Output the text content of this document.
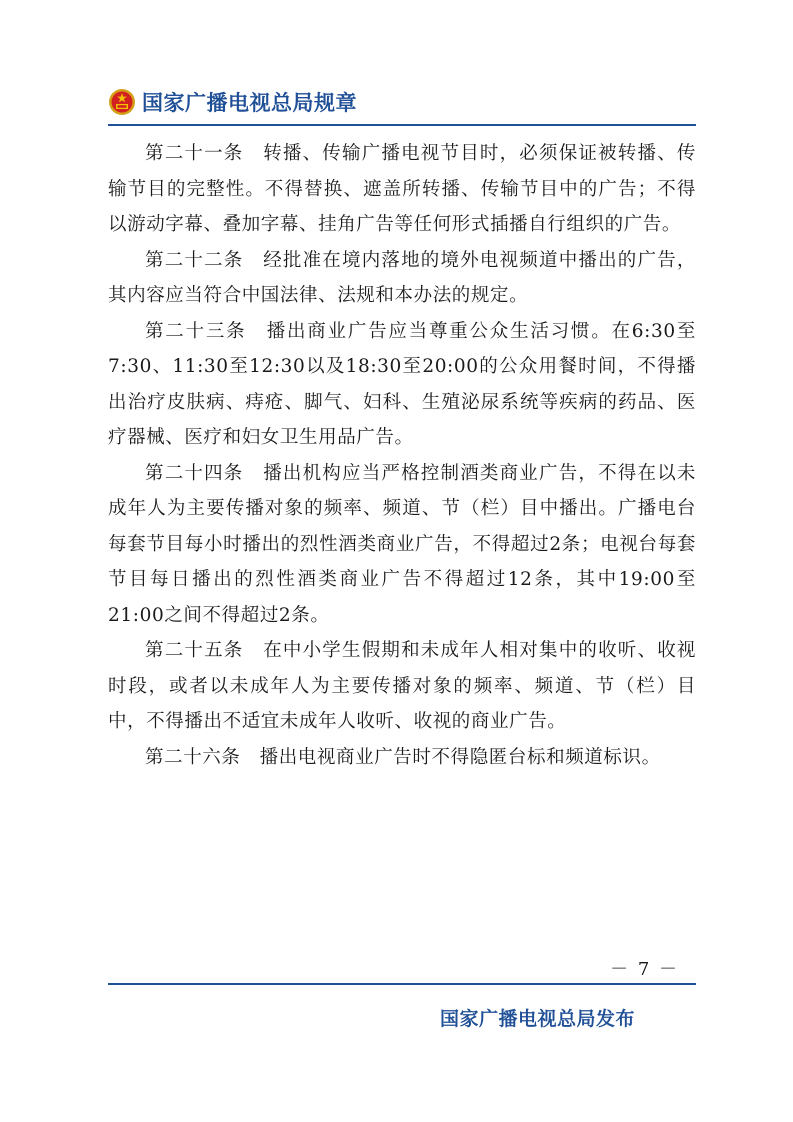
国家广播电视总局规章

第二十一条　转播、传输广播电视节目时，必须保证被转播、传输节目的完整性。不得替换、遮盖所转播、传输节目中的广告；不得以游动字幕、叠加字幕、挂角广告等任何形式插播自行组织的广告。

第二十二条　经批准在境内落地的境外电视频道中播出的广告，其内容应当符合中国法律、法规和本办法的规定。

第二十三条　播出商业广告应当尊重公众生活习惯。在6:30至7:30、11:30至12:30以及18:30至20:00的公众用餐时间，不得播出治疗皮肤病、痔疮、脚气、妇科、生殖泌尿系统等疾病的药品、医疗器械、医疗和妇女卫生用品广告。

第二十四条　播出机构应当严格控制酒类商业广告，不得在以未成年人为主要传播对象的频率、频道、节（栏）目中播出。广播电台每套节目每小时播出的烈性酒类商业广告，不得超过2条；电视台每套节目每日播出的烈性酒类商业广告不得超过12条，其中19:00至21:00之间不得超过2条。

第二十五条　在中小学生假期和未成年人相对集中的收听、收视时段，或者以未成年人为主要传播对象的频率、频道、节（栏）目中，不得播出不适宜未成年人收听、收视的商业广告。

第二十六条　播出电视商业广告时不得隐匿台标和频道标识。

－ 7 －
国家广播电视总局发布
